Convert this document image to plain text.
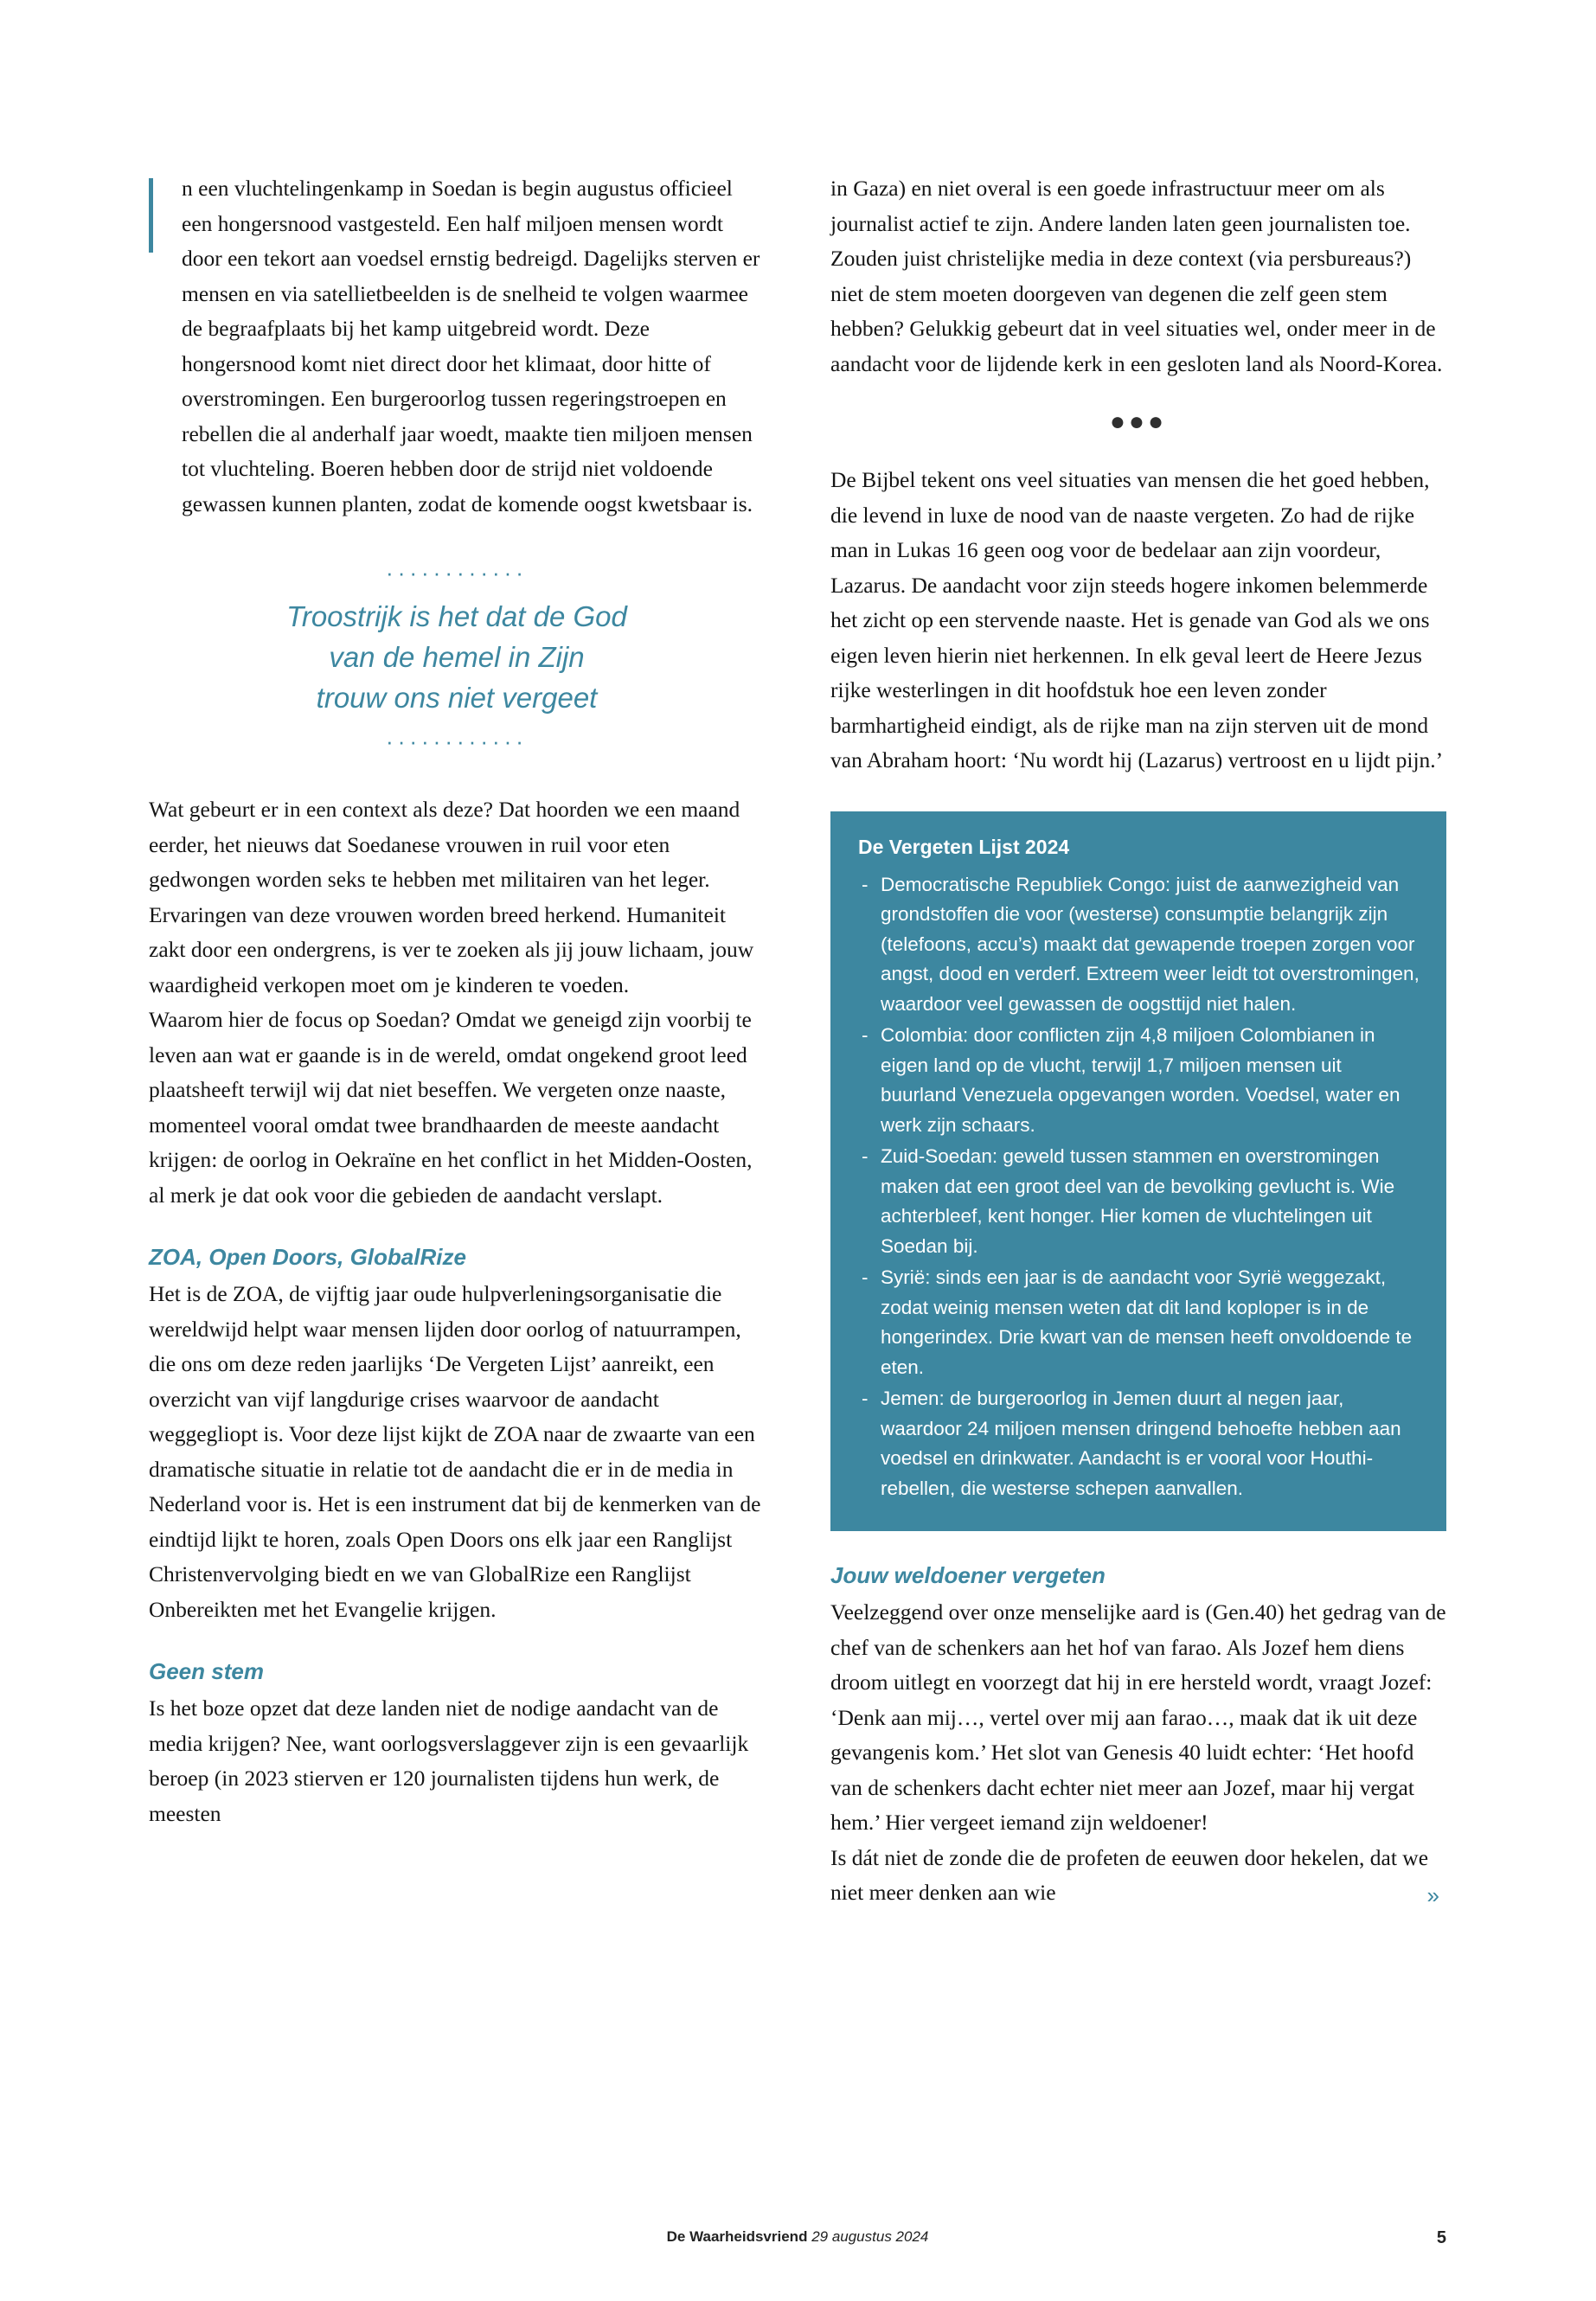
n een vluchtelingenkamp in Soedan is begin augustus officieel een hongersnood vastgesteld. Een half miljoen mensen wordt door een tekort aan voedsel ernstig bedreigd. Dagelijks sterven er mensen en via satellietbeelden is de snelheid te volgen waarmee de begraafplaats bij het kamp uitgebreid wordt. Deze hongersnood komt niet direct door het klimaat, door hitte of overstromingen. Een burgeroorlog tussen regeringstroepen en rebellen die al anderhalf jaar woedt, maakte tien miljoen mensen tot vluchteling. Boeren hebben door de strijd niet voldoende gewassen kunnen planten, zodat de komende oogst kwetsbaar is.

············
Troostrijk is het dat de God
van de hemel in Zijn
trouw ons niet vergeet
············

Wat gebeurt er in een context als deze? Dat hoorden we een maand eerder, het nieuws dat Soedanese vrouwen in ruil voor eten gedwongen worden seks te hebben met militairen van het leger. Ervaringen van deze vrouwen worden breed herkend. Humaniteit zakt door een ondergrens, is ver te zoeken als jij jouw lichaam, jouw waardigheid verkopen moet om je kinderen te voeden.

Waarom hier de focus op Soedan? Omdat we geneigd zijn voorbij te leven aan wat er gaande is in de wereld, omdat ongekend groot leed plaatsheeft terwijl wij dat niet beseffen. We vergeten onze naaste, momenteel vooral omdat twee brandhaarden de meeste aandacht krijgen: de oorlog in Oekraïne en het conflict in het Midden-Oosten, al merk je dat ook voor die gebieden de aandacht verslapt.

ZOA, Open Doors, GlobalRize

Het is de ZOA, de vijftig jaar oude hulpverleningsorganisatie die wereldwijd helpt waar mensen lijden door oorlog of natuurrampen, die ons om deze reden jaarlijks ‘De Vergeten Lijst’ aanreikt, een overzicht van vijf langdurige crises waarvoor de aandacht weggegliopt is. Voor deze lijst kijkt de ZOA naar de zwaarte van een dramatische situatie in relatie tot de aandacht die er in de media in Nederland voor is. Het is een instrument dat bij de kenmerken van de eindtijd lijkt te horen, zoals Open Doors ons elk jaar een Ranglijst Christenvervolging biedt en we van GlobalRize een Ranglijst Onbereikten met het Evangelie krijgen.

Geen stem

Is het boze opzet dat deze landen niet de nodige aandacht van de media krijgen? Nee, want oorlogsverslaggever zijn is een gevaarlijk beroep (in 2023 stierven er 120 journalisten tijdens hun werk, de meesten

in Gaza) en niet overal is een goede infrastructuur meer om als journalist actief te zijn. Andere landen laten geen journalisten toe. Zouden juist christelijke media in deze context (via persbureaus?) niet de stem moeten doorgeven van degenen die zelf geen stem hebben? Gelukkig gebeurt dat in veel situaties wel, onder meer in de aandacht voor de lijdende kerk in een gesloten land als Noord-Korea.

●●●

De Bijbel tekent ons veel situaties van mensen die het goed hebben, die levend in luxe de nood van de naaste vergeten. Zo had de rijke man in Lukas 16 geen oog voor de bedelaar aan zijn voordeur, Lazarus. De aandacht voor zijn steeds hogere inkomen belemmerde het zicht op een stervende naaste. Het is genade van God als we ons eigen leven hierin niet herkennen. In elk geval leert de Heere Jezus rijke westerlingen in dit hoofdstuk hoe een leven zonder barmhartigheid eindigt, als de rijke man na zijn sterven uit de mond van Abraham hoort: ‘Nu wordt hij (Lazarus) vertroost en u lijdt pijn.’

De Vergeten Lijst 2024
- Democratische Republiek Congo: juist de aanwezigheid van grondstoffen die voor (westerse) consumptie belangrijk zijn (telefoons, accu’s) maakt dat gewapende troepen zorgen voor angst, dood en verderf. Extreem weer leidt tot overstromingen, waardoor veel gewassen de oogsttijd niet halen.
- Colombia: door conflicten zijn 4,8 miljoen Colombianen in eigen land op de vlucht, terwijl 1,7 miljoen mensen uit buurland Venezuela opgevangen worden. Voedsel, water en werk zijn schaars.
- Zuid-Soedan: geweld tussen stammen en overstromingen maken dat een groot deel van de bevolking gevlucht is. Wie achterbleef, kent honger. Hier komen de vluchtelingen uit Soedan bij.
- Syrië: sinds een jaar is de aandacht voor Syrië weggezakt, zodat weinig mensen weten dat dit land koploper is in de hongerindex. Drie kwart van de mensen heeft onvoldoende te eten.
- Jemen: de burgeroorlog in Jemen duurt al negen jaar, waardoor 24 miljoen mensen dringend behoefte hebben aan voedsel en drinkwater. Aandacht is er vooral voor Houthi-rebellen, die westerse schepen aanvallen.
Jouw weldoener vergeten

Veelzeggend over onze menselijke aard is (Gen.40) het gedrag van de chef van de schenkers aan het hof van farao. Als Jozef hem diens droom uitlegt en voorzegt dat hij in ere hersteld wordt, vraagt Jozef: ‘Denk aan mij…, vertel over mij aan farao…, maak dat ik uit deze gevangenis kom.’ Het slot van Genesis 40 luidt echter: ‘Het hoofd van de schenkers dacht echter niet meer aan Jozef, maar hij vergat hem.’ Hier vergeet iemand zijn weldoener!

Is dát niet de zonde die de profeten de eeuwen door hekelen, dat we niet meer denken aan wie	»
De Waarheidsvriend 29 augustus 2024	5
